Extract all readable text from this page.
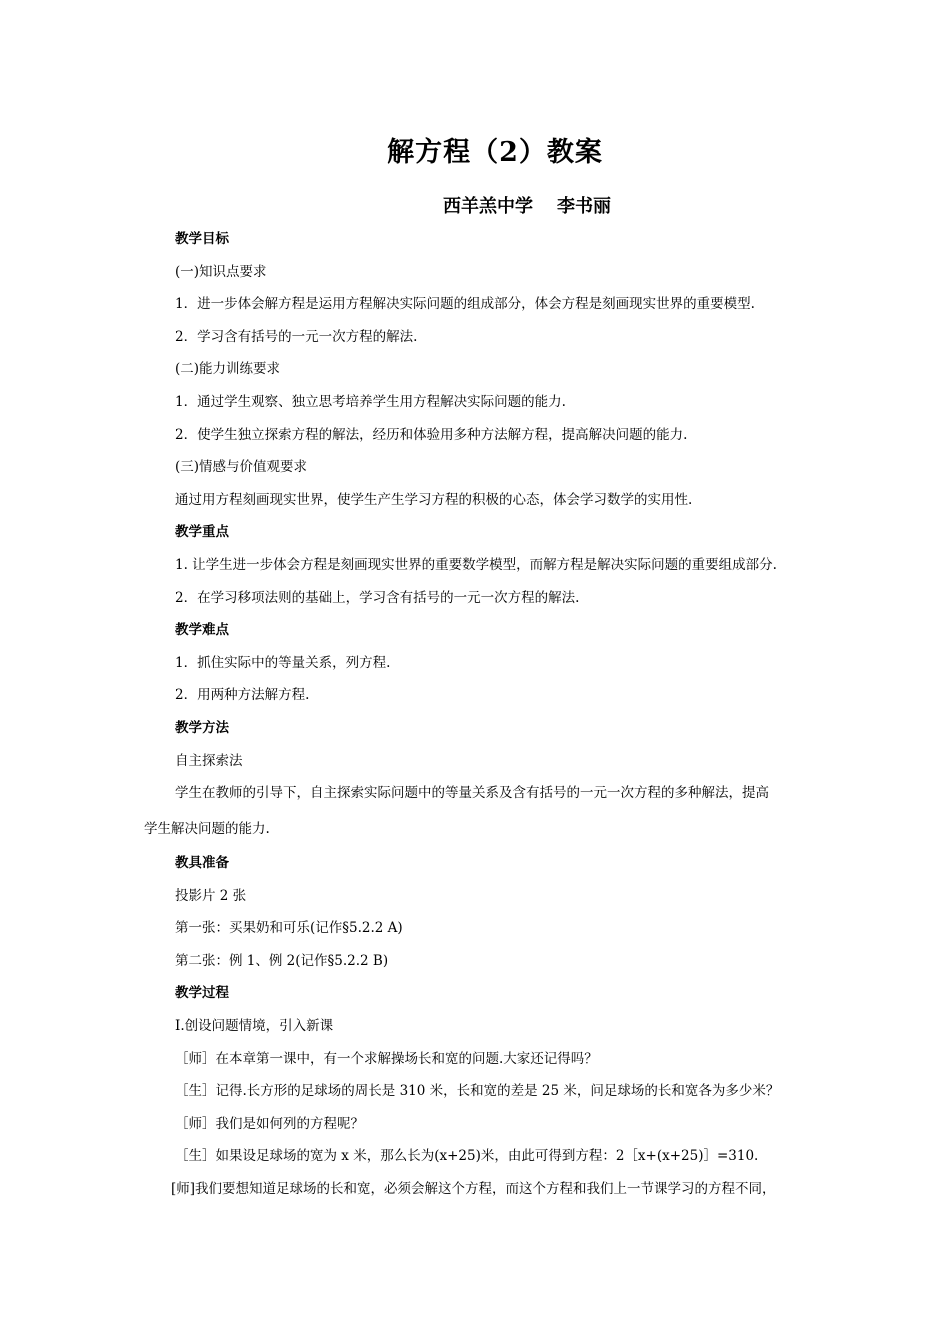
解方程（2）教案
西羊羔中学 李书丽
教学目标
(一)知识点要求
1．进一步体会解方程是运用方程解决实际问题的组成部分，体会方程是刻画现实世界的重要模型.
2．学习含有括号的一元一次方程的解法.
(二)能力训练要求
1．通过学生观察、独立思考培养学生用方程解决实际问题的能力.
2．使学生独立探索方程的解法，经历和体验用多种方法解方程，提高解决问题的能力.
(三)情感与价值观要求
通过用方程刻画现实世界，使学生产生学习方程的积极的心态，体会学习数学的实用性.
教学重点
1. 让学生进一步体会方程是刻画现实世界的重要数学模型，而解方程是解决实际问题的重要组成部分.
2．在学习移项法则的基础上，学习含有括号的一元一次方程的解法.
教学难点
1．抓住实际中的等量关系，列方程.
2．用两种方法解方程.
教学方法
自主探索法
学生在教师的引导下，自主探索实际问题中的等量关系及含有括号的一元一次方程的多种解法，提高
学生解决问题的能力.
教具准备
投影片 2 张
第一张：买果奶和可乐(记作§5.2.2 A)
第二张：例 1、例 2(记作§5.2.2 B)
教学过程
Ⅰ.创设问题情境，引入新课
［师］在本章第一课中，有一个求解操场长和宽的问题.大家还记得吗？
［生］记得.长方形的足球场的周长是 310 米，长和宽的差是 25 米，问足球场的长和宽各为多少米？
［师］我们是如何列的方程呢？
［生］如果设足球场的宽为 x 米，那么长为(x+25)米，由此可得到方程：2［x+(x+25)］=310.
[师]我们要想知道足球场的长和宽，必须会解这个方程，而这个方程和我们上一节课学习的方程不同，
